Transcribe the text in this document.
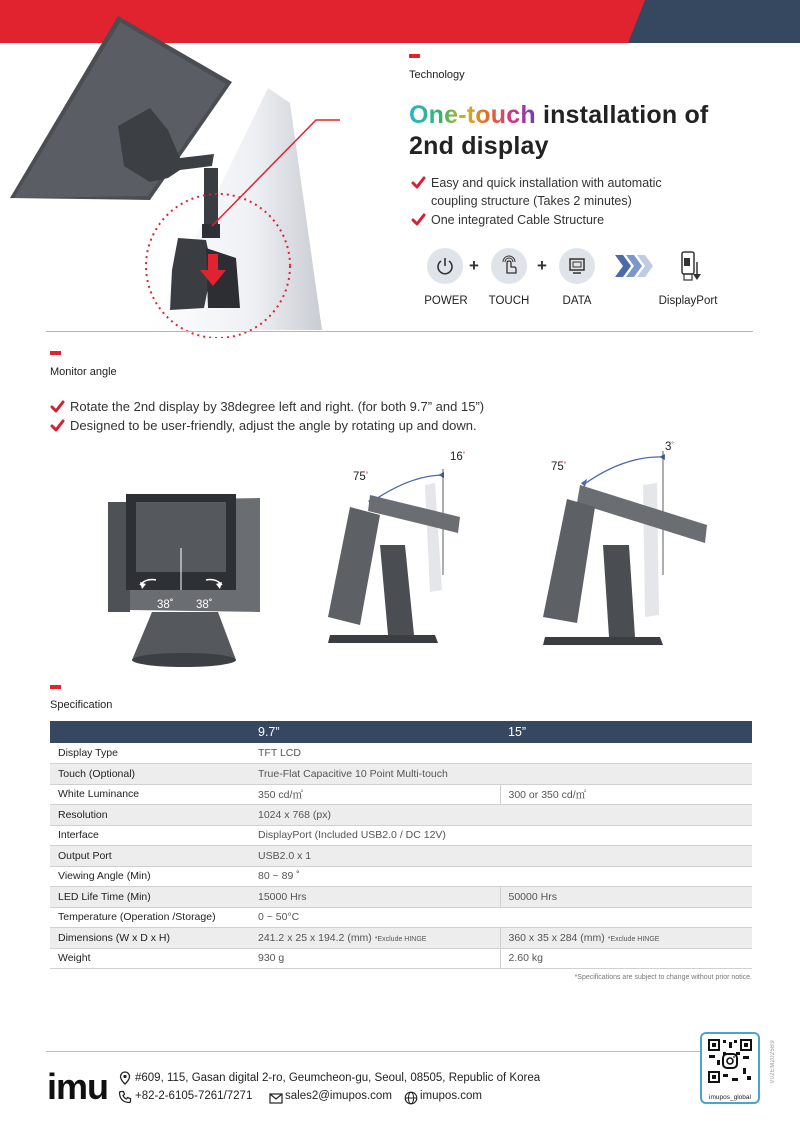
Technology
One-touch installation of
2nd display
Easy and quick installation with automatic coupling structure (Takes 2 minutes)
One integrated Cable Structure
+	+
POWER	TOUCH	DATA	DisplayPort
Monitor angle
Rotate the 2nd display by 38degree left and right. (for both 9.7” and 15”)
Designed to be user-friendly, adjust the angle by rotating up and down.
38˚ 38˚
75˚
16˚
75˚
3˚
Specification
	9.7”	15”
Display Type	TFT LCD	
Touch (Optional)	True-Flat Capacitive 10 Point Multi-touch	
White Luminance	350 cd/㎡	300 or 350 cd/㎡
Resolution	1024 x 768 (px)	
Interface	DisplayPort (Included USB2.0 / DC 12V)	
Output Port	USB2.0 x 1	
Viewing Angle (Min)	80 ~ 89 ˚	
LED Life Time (Min)	15000 Hrs	50000 Hrs
Temperature (Operation /Storage)	0 ~ 50°C	
Dimensions (W x D x H)	241.2 x 25 x 194.2 (mm) *Exclude HINGE	360 x 35 x 284 (mm) *Exclude HINGE
Weight	930 g	2.60 kg
*Specifications are subject to change without prior notice.
imu #609, 115, Gasan digital 2-ro, Geumcheon-gu, Seoul, 08505, Republic of Korea
+82-2-6105-7261/7271	sales2@imupos.com imupos.com	imupos_global
V02EM2025B9
